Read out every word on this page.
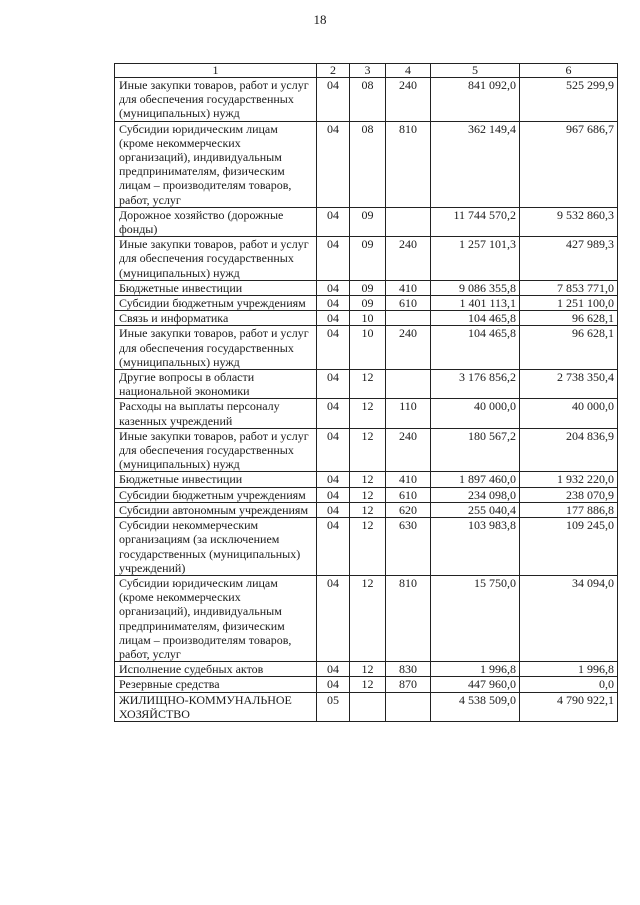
18
1	2	3	4	5	6
Иные закупки товаров, работ и услуг для обеспечения государственных (муниципальных) нужд	04	08	240	841 092,0	525 299,9
Субсидии юридическим лицам (кроме некоммерческих организаций), индивидуальным предпринимателям, физическим лицам – производителям товаров, работ, услуг	04	08	810	362 149,4	967 686,7
Дорожное хозяйство (дорожные фонды)	04	09		11 744 570,2	9 532 860,3
Иные закупки товаров, работ и услуг для обеспечения государственных (муниципальных) нужд	04	09	240	1 257 101,3	427 989,3
Бюджетные инвестиции	04	09	410	9 086 355,8	7 853 771,0
Субсидии бюджетным учреждениям	04	09	610	1 401 113,1	1 251 100,0
Связь и информатика	04	10		104 465,8	96 628,1
Иные закупки товаров, работ и услуг для обеспечения государственных (муниципальных) нужд	04	10	240	104 465,8	96 628,1
Другие вопросы в области национальной экономики	04	12		3 176 856,2	2 738 350,4
Расходы на выплаты персоналу казенных учреждений	04	12	110	40 000,0	40 000,0
Иные закупки товаров, работ и услуг для обеспечения государственных (муниципальных) нужд	04	12	240	180 567,2	204 836,9
Бюджетные инвестиции	04	12	410	1 897 460,0	1 932 220,0
Субсидии бюджетным учреждениям	04	12	610	234 098,0	238 070,9
Субсидии автономным учреждениям	04	12	620	255 040,4	177 886,8
Субсидии некоммерческим организациям (за исключением государственных (муниципальных) учреждений)	04	12	630	103 983,8	109 245,0
Субсидии юридическим лицам (кроме некоммерческих организаций), индивидуальным предпринимателям, физическим лицам – производителям товаров, работ, услуг	04	12	810	15 750,0	34 094,0
Исполнение судебных актов	04	12	830	1 996,8	1 996,8
Резервные средства	04	12	870	447 960,0	0,0
ЖИЛИЩНО-КОММУНАЛЬНОЕ ХОЗЯЙСТВО	05			4 538 509,0	4 790 922,1
